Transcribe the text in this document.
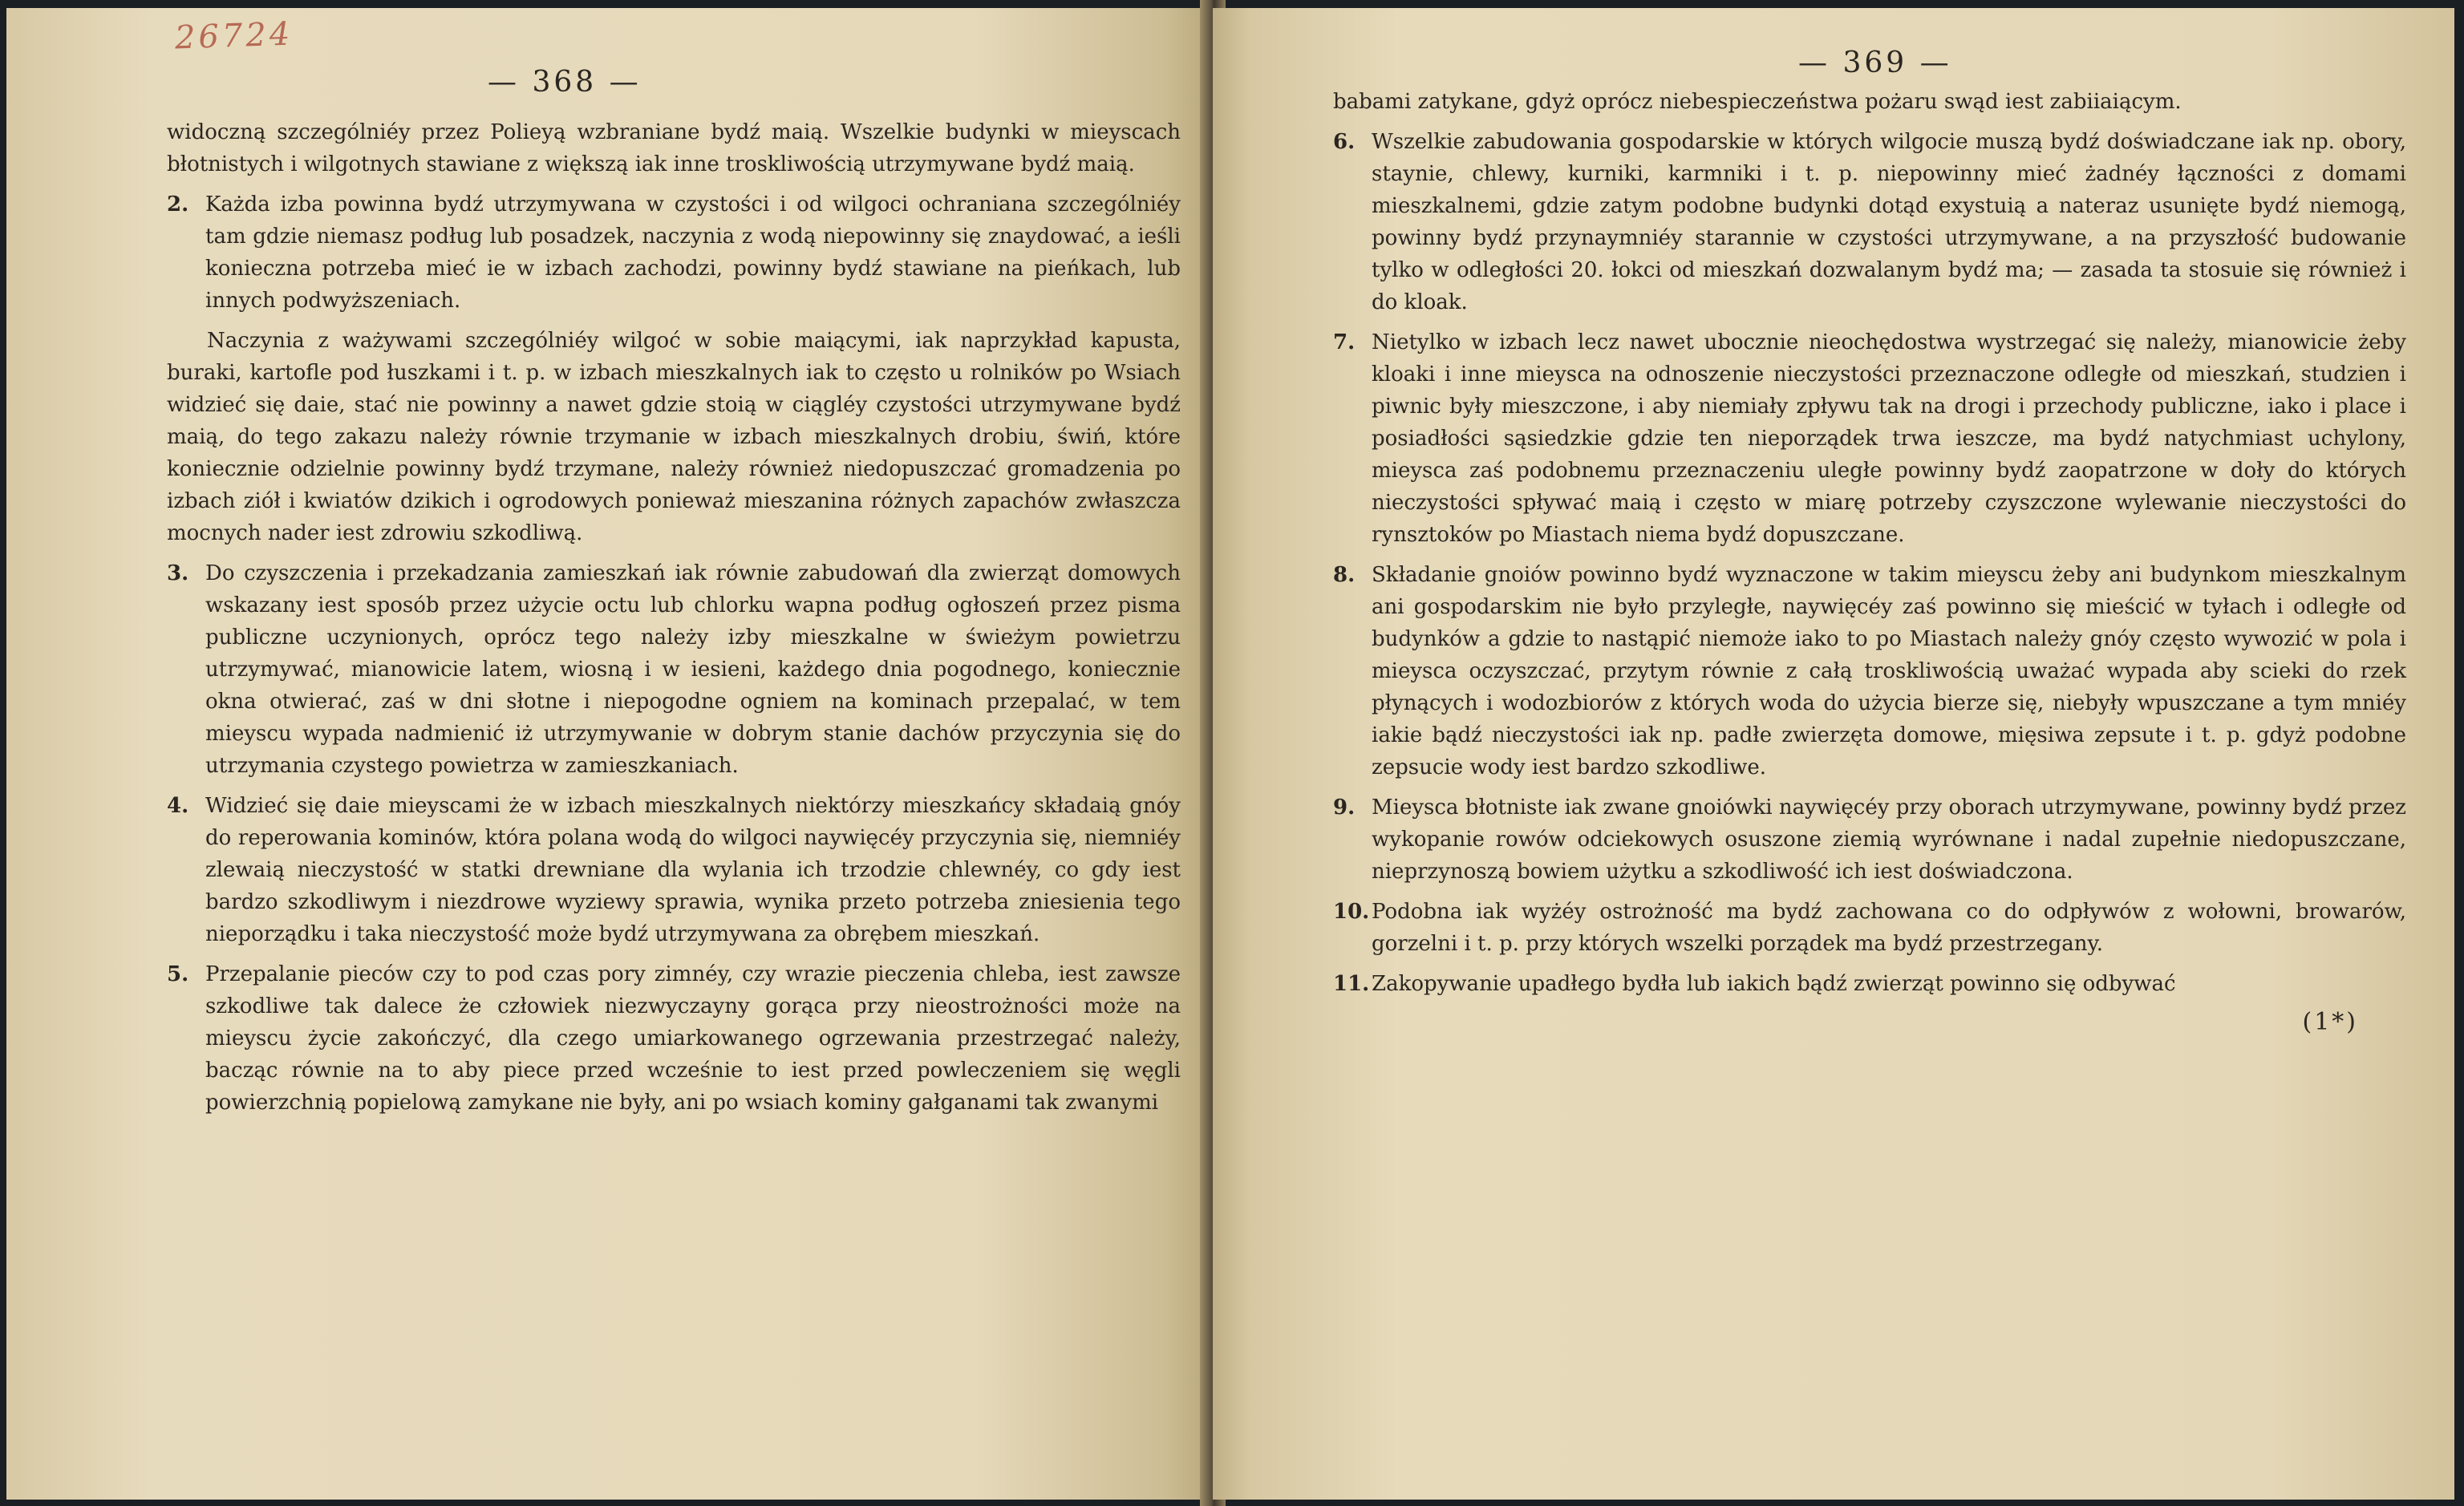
26724
— 368 —
widoczną szczególniéy przez Polieyą wzbraniane bydź maią. Wszelkie budynki w mieyscach błotnistych i wilgotnych stawiane z większą iak inne troskliwością utrzymywane bydź maią.
2. Każda izba powinna bydź utrzymywana w czystości i od wilgoci ochraniana szczególniéy tam gdzie niemasz podług lub posadzek, naczynia z wodą niepowinny się znaydować, a ieśli konieczna potrzeba mieć ie w izbach zachodzi, powinny bydź stawiane na pieńkach, lub innych podwyższeniach.
Naczynia z ważywami szczególniéy wilgoć w sobie maiącymi, iak naprzykład kapusta, buraki, kartofle pod łuszkami i t. p. w izbach mieszkalnych iak to często u rolników po Wsiach widzieć się daie, stać nie powinny a nawet gdzie stoią w ciągléy czystości utrzymywane bydź maią, do tego zakazu należy równie trzymanie w izbach mieszkalnych drobiu, świń, które koniecznie odzielnie powinny bydź trzymane, należy również niedopuszczać gromadzenia po izbach ziół i kwiatów dzikich i ogrodowych ponieważ mieszanina różnych zapachów zwłaszcza mocnych nader iest zdrowiu szkodliwą.
3. Do czyszczenia i przekadzania zamieszkań iak równie zabudowań dla zwierząt domowych wskazany iest sposób przez użycie octu lub chlorku wapna podług ogłoszeń przez pisma publiczne uczynionych, oprócz tego należy izby mieszkalne w świeżym powietrzu utrzymywać, mianowicie latem, wiosną i w iesieni, każdego dnia pogodnego, koniecznie okna otwierać, zaś w dni słotne i niepogodne ogniem na kominach przepalać, w tem mieyscu wypada nadmienić iż utrzymywanie w dobrym stanie dachów przyczynia się do utrzymania czystego powietrza w zamieszkaniach.
4. Widzieć się daie mieyscami że w izbach mieszkalnych niektórzy mieszkańcy składaią gnóy do reperowania kominów, która polana wodą do wilgoci naywięcéy przyczynia się, niemniéy zlewaią nieczystość w statki drewniane dla wylania ich trzodzie chlewnéy, co gdy iest bardzo szkodliwym i niezdrowe wyziewy sprawia, wynika przeto potrzeba zniesienia tego nieporządku i taka nieczystość może bydź utrzymywana za obrębem mieszkań.
5. Przepalanie pieców czy to pod czas pory zimnéy, czy wrazie pieczenia chleba, iest zawsze szkodliwe tak dalece że człowiek niezwyczayny gorąca przy nieostrożności może na mieyscu życie zakończyć, dla czego umiarkowanego ogrzewania przestrzegać należy, bacząc równie na to aby piece przed wcześnie to iest przed powleczeniem się węgli powierzchnią popielową zamykane nie były, ani po wsiach kominy gałganami tak zwanymi
— 369 —
babami zatykane, gdyż oprócz niebespieczeństwa pożaru swąd iest zabiiaiącym.
6. Wszelkie zabudowania gospodarskie w których wilgocie muszą bydź doświadczane iak np. obory, staynie, chlewy, kurniki, karmniki i t. p. niepowinny mieć żadnéy łączności z domami mieszkalnemi, gdzie zatym podobne budynki dotąd exystuią a nateraz usunięte bydź niemogą, powinny bydź przynaymniéy starannie w czystości utrzymywane, a na przyszłość budowanie tylko w odległości 20. łokci od mieszkań dozwalanym bydź ma; — zasada ta stosuie się również i do kloak.
7. Nietylko w izbach lecz nawet ubocznie nieochędostwa wystrzegać się należy, mianowicie żeby kloaki i inne mieysca na odnoszenie nieczystości przeznaczone odległe od mieszkań, studzien i piwnic były mieszczone, i aby niemiały zpływu tak na drogi i przechody publiczne, iako i place i posiadłości sąsiedzkie gdzie ten nieporządek trwa ieszcze, ma bydź natychmiast uchylony, mieysca zaś podobnemu przeznaczeniu uległe powinny bydź zaopatrzone w doły do których nieczystości spływać maią i często w miarę potrzeby czyszczone wylewanie nieczystości do rynsztoków po Miastach niema bydź dopuszczane.
8. Składanie gnoiów powinno bydź wyznaczone w takim mieyscu żeby ani budynkom mieszkalnym ani gospodarskim nie było przyległe, naywięcéy zaś powinno się mieścić w tyłach i odległe od budynków a gdzie to nastąpić niemoże iako to po Miastach należy gnóy często wywozić w pola i mieysca oczyszczać, przytym równie z całą troskliwością uważać wypada aby scieki do rzek płynących i wodozbiorów z których woda do użycia bierze się, niebyły wpuszczane a tym mniéy iakie bądź nieczystości iak np. padłe zwierzęta domowe, mięsiwa zepsute i t. p. gdyż podobne zepsucie wody iest bardzo szkodliwe.
9. Mieysca błotniste iak zwane gnoiówki naywięcéy przy oborach utrzymywane, powinny bydź przez wykopanie rowów odciekowych osuszone ziemią wyrównane i nadal zupełnie niedopuszczane, nieprzynoszą bowiem użytku a szkodliwość ich iest doświadczona.
10. Podobna iak wyżéy ostrożność ma bydź zachowana co do odpływów z wołowni, browarów, gorzelni i t. p. przy których wszelki porządek ma bydź przestrzegany.
11. Zakopywanie upadłego bydła lub iakich bądź zwierząt powinno się odbywać
(1*)
